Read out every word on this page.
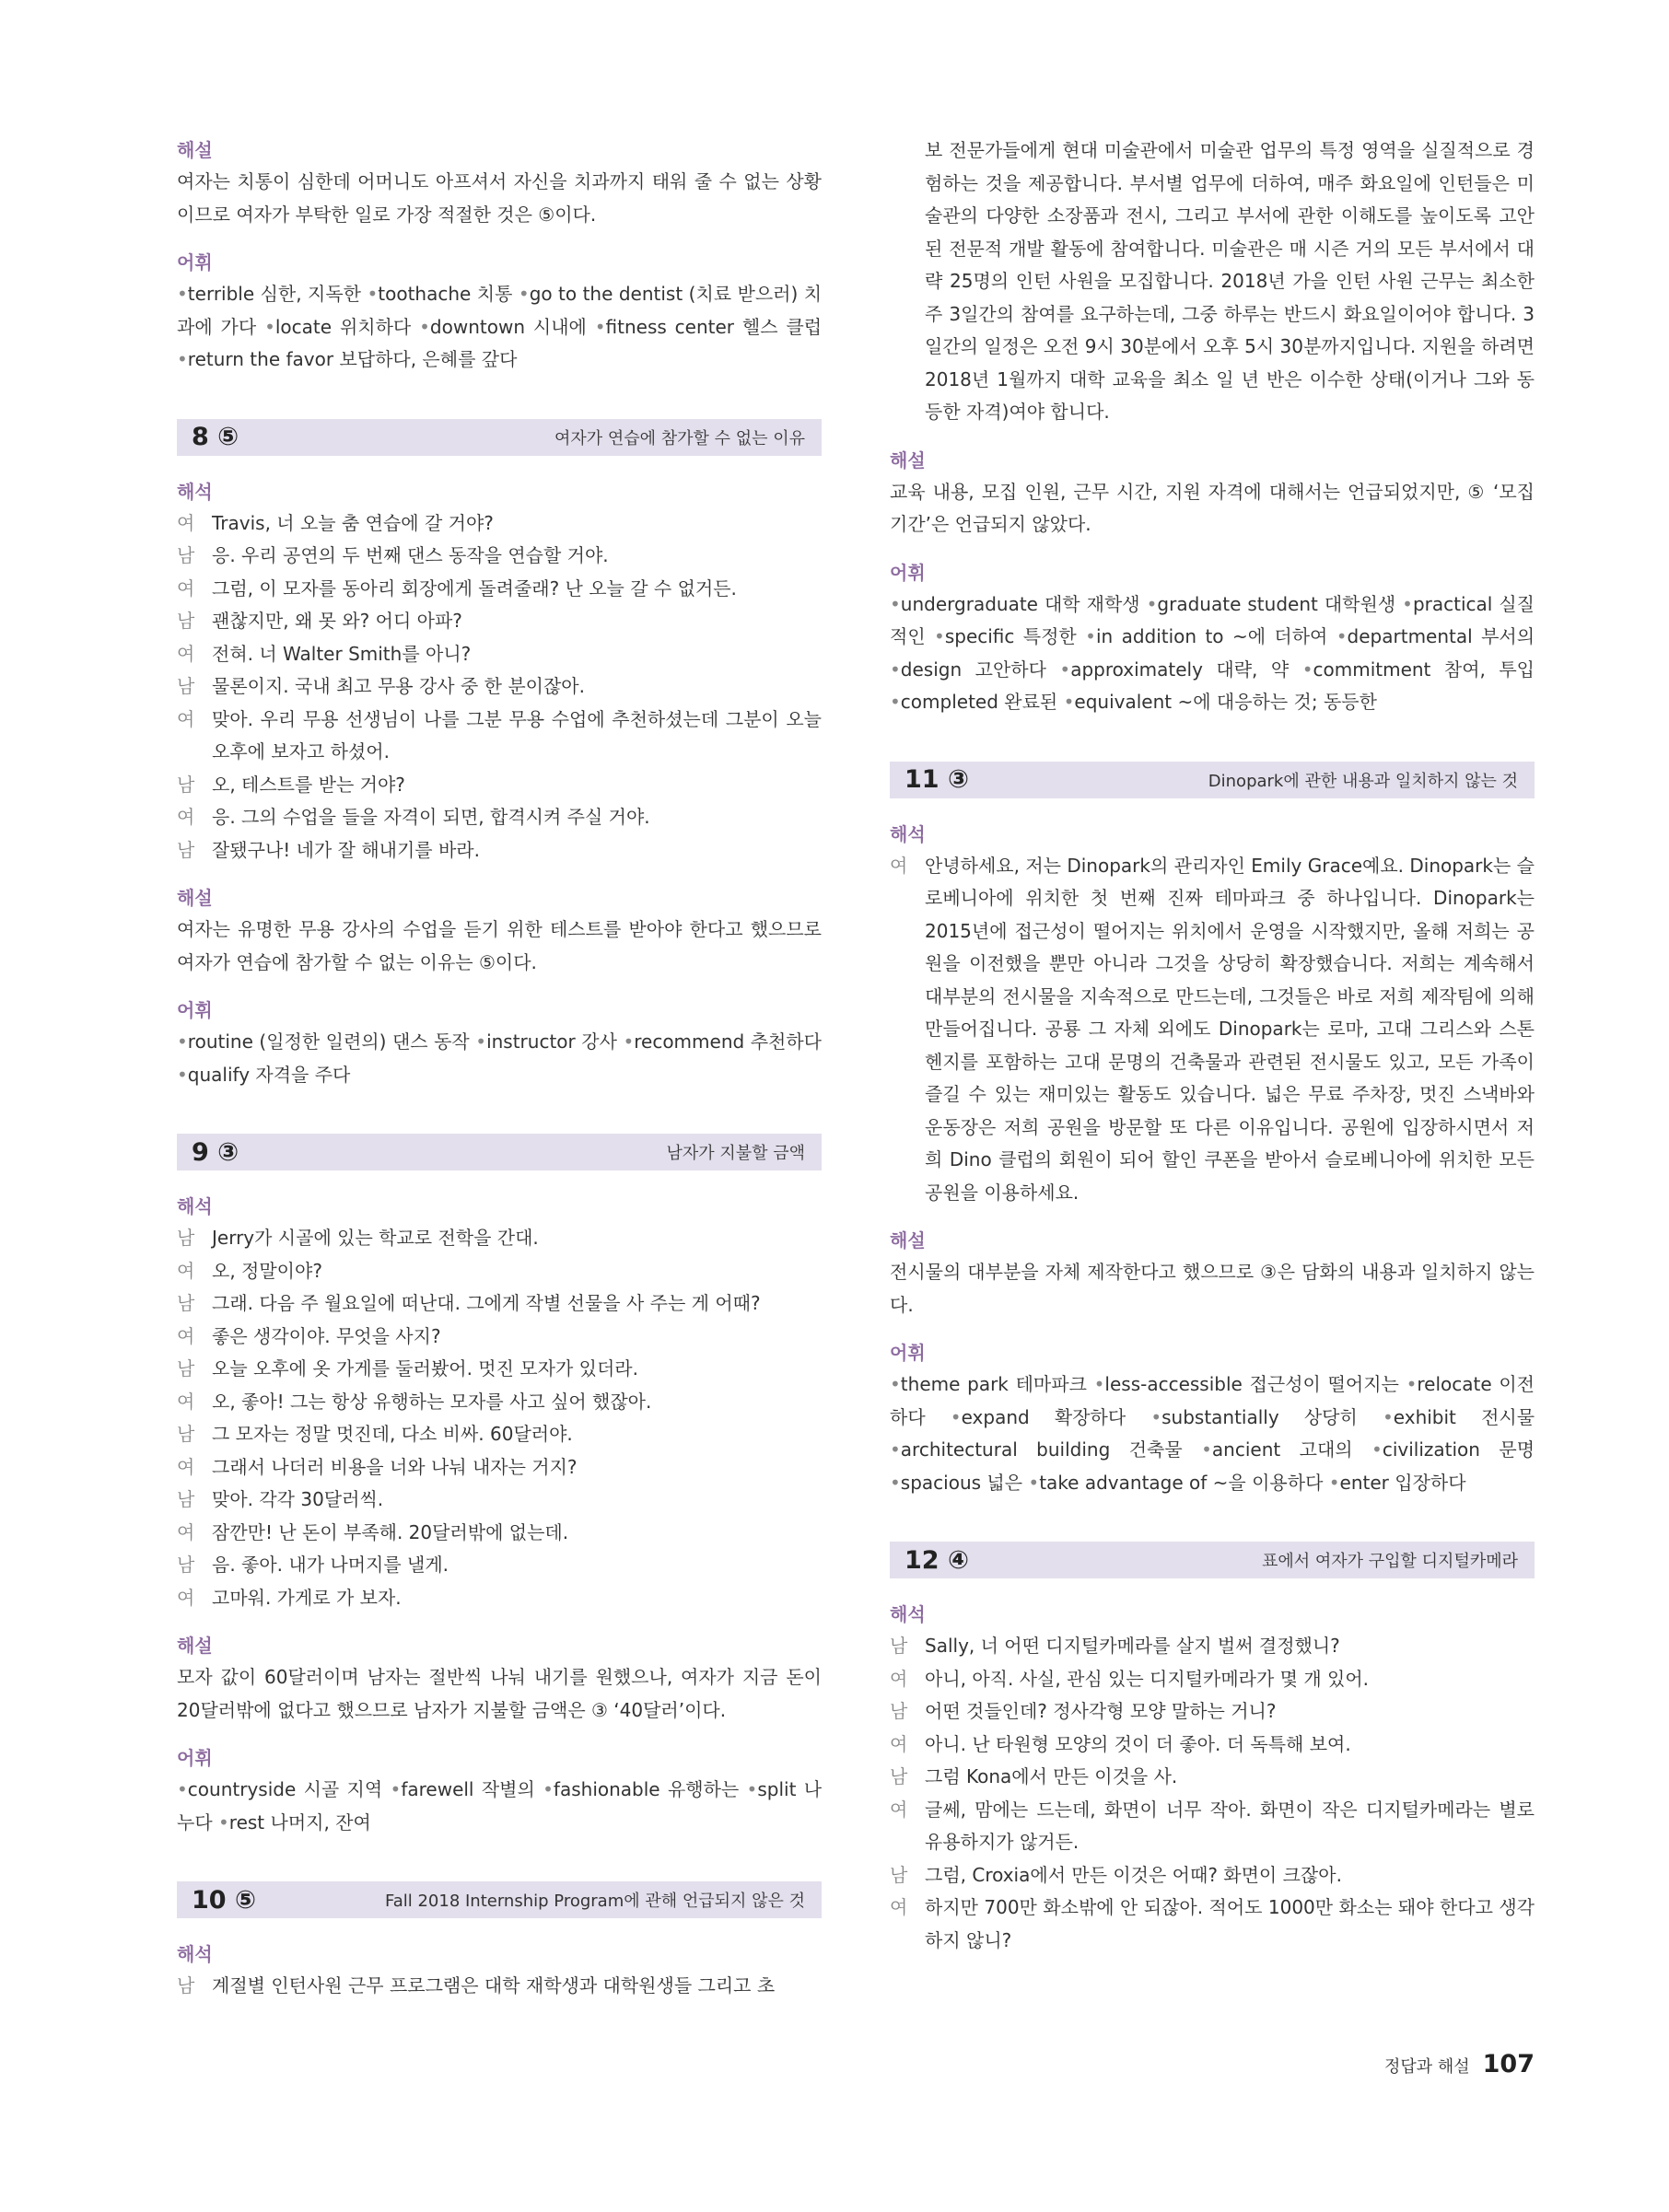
해설
여자는 치통이 심한데 어머니도 아프셔서 자신을 치과까지 태워 줄 수 없는 상황이므로 여자가 부탁한 일로 가장 적절한 것은 ⑤이다.
어휘
•terrible 심한, 지독한 •toothache 치통 •go to the dentist (치료 받으러) 치과에 가다 •locate 위치하다 •downtown 시내에 •fitness center 헬스 클럽 •return the favor 보답하다, 은혜를 갚다
8 ⑤	여자가 연습에 참가할 수 없는 이유
해석
여 Travis, 너 오늘 춤 연습에 갈 거야?
남 응. 우리 공연의 두 번째 댄스 동작을 연습할 거야.
여 그럼, 이 모자를 동아리 회장에게 돌려줄래? 난 오늘 갈 수 없거든.
남 괜찮지만, 왜 못 와? 어디 아파?
여 전혀. 너 Walter Smith를 아니?
남 물론이지. 국내 최고 무용 강사 중 한 분이잖아.
여 맞아. 우리 무용 선생님이 나를 그분 무용 수업에 추천하셨는데 그분이 오늘 오후에 보자고 하셨어.
남 오, 테스트를 받는 거야?
여 응. 그의 수업을 들을 자격이 되면, 합격시켜 주실 거야.
남 잘됐구나! 네가 잘 해내기를 바라.
해설
여자는 유명한 무용 강사의 수업을 듣기 위한 테스트를 받아야 한다고 했으므로 여자가 연습에 참가할 수 없는 이유는 ⑤이다.
어휘
•routine (일정한 일련의) 댄스 동작 •instructor 강사 •recommend 추천하다 •qualify 자격을 주다
9 ③	남자가 지불할 금액
해석
남 Jerry가 시골에 있는 학교로 전학을 간대.
여 오, 정말이야?
남 그래. 다음 주 월요일에 떠난대. 그에게 작별 선물을 사 주는 게 어때?
여 좋은 생각이야. 무엇을 사지?
남 오늘 오후에 옷 가게를 둘러봤어. 멋진 모자가 있더라.
여 오, 좋아! 그는 항상 유행하는 모자를 사고 싶어 했잖아.
남 그 모자는 정말 멋진데, 다소 비싸. 60달러야.
여 그래서 나더러 비용을 너와 나눠 내자는 거지?
남 맞아. 각각 30달러씩.
여 잠깐만! 난 돈이 부족해. 20달러밖에 없는데.
남 음. 좋아. 내가 나머지를 낼게.
여 고마워. 가게로 가 보자.
해설
모자 값이 60달러이며 남자는 절반씩 나눠 내기를 원했으나, 여자가 지금 돈이 20달러밖에 없다고 했으므로 남자가 지불할 금액은 ③ ‘40달러’이다.
어휘
•countryside 시골 지역 •farewell 작별의 •fashionable 유행하는 •split 나누다 •rest 나머지, 잔여
10 ⑤	Fall 2018 Internship Program에 관해 언급되지 않은 것
해석
남 계절별 인턴사원 근무 프로그램은 대학 재학생과 대학원생들 그리고 초
보 전문가들에게 현대 미술관에서 미술관 업무의 특정 영역을 실질적으로 경험하는 것을 제공합니다. 부서별 업무에 더하여, 매주 화요일에 인턴들은 미술관의 다양한 소장품과 전시, 그리고 부서에 관한 이해도를 높이도록 고안된 전문적 개발 활동에 참여합니다. 미술관은 매 시즌 거의 모든 부서에서 대략 25명의 인턴 사원을 모집합니다. 2018년 가을 인턴 사원 근무는 최소한 주 3일간의 참여를 요구하는데, 그중 하루는 반드시 화요일이어야 합니다. 3일간의 일정은 오전 9시 30분에서 오후 5시 30분까지입니다. 지원을 하려면 2018년 1월까지 대학 교육을 최소 일 년 반은 이수한 상태(이거나 그와 동등한 자격)여야 합니다.
해설
교육 내용, 모집 인원, 근무 시간, 지원 자격에 대해서는 언급되었지만, ⑤ ‘모집 기간’은 언급되지 않았다.
어휘
•undergraduate 대학 재학생 •graduate student 대학원생 •practical 실질적인 •specific 특정한 •in addition to ~에 더하여 •departmental 부서의 •design 고안하다 •approximately 대략, 약 •commitment 참여, 투입 •completed 완료된 •equivalent ~에 대응하는 것; 동등한
11 ③	Dinopark에 관한 내용과 일치하지 않는 것
해석
여 안녕하세요, 저는 Dinopark의 관리자인 Emily Grace예요. Dinopark는 슬로베니아에 위치한 첫 번째 진짜 테마파크 중 하나입니다. Dinopark는 2015년에 접근성이 떨어지는 위치에서 운영을 시작했지만, 올해 저희는 공원을 이전했을 뿐만 아니라 그것을 상당히 확장했습니다. 저희는 계속해서 대부분의 전시물을 지속적으로 만드는데, 그것들은 바로 저희 제작팀에 의해 만들어집니다. 공룡 그 자체 외에도 Dinopark는 로마, 고대 그리스와 스톤헨지를 포함하는 고대 문명의 건축물과 관련된 전시물도 있고, 모든 가족이 즐길 수 있는 재미있는 활동도 있습니다. 넓은 무료 주차장, 멋진 스낵바와 운동장은 저희 공원을 방문할 또 다른 이유입니다. 공원에 입장하시면서 저희 Dino 클럽의 회원이 되어 할인 쿠폰을 받아서 슬로베니아에 위치한 모든 공원을 이용하세요.
해설
전시물의 대부분을 자체 제작한다고 했으므로 ③은 담화의 내용과 일치하지 않는다.
어휘
•theme park 테마파크 •less-accessible 접근성이 떨어지는 •relocate 이전하다 •expand 확장하다 •substantially 상당히 •exhibit 전시물 •architectural building 건축물 •ancient 고대의 •civilization 문명 •spacious 넓은 •take advantage of ~을 이용하다 •enter 입장하다
12 ④	표에서 여자가 구입할 디지털카메라
해석
남 Sally, 너 어떤 디지털카메라를 살지 벌써 결정했니?
여 아니, 아직. 사실, 관심 있는 디지털카메라가 몇 개 있어.
남 어떤 것들인데? 정사각형 모양 말하는 거니?
여 아니. 난 타원형 모양의 것이 더 좋아. 더 독특해 보여.
남 그럼 Kona에서 만든 이것을 사.
여 글쎄, 맘에는 드는데, 화면이 너무 작아. 화면이 작은 디지털카메라는 별로 유용하지가 않거든.
남 그럼, Croxia에서 만든 이것은 어때? 화면이 크잖아.
여 하지만 700만 화소밖에 안 되잖아. 적어도 1000만 화소는 돼야 한다고 생각하지 않니?
정답과 해설 107
